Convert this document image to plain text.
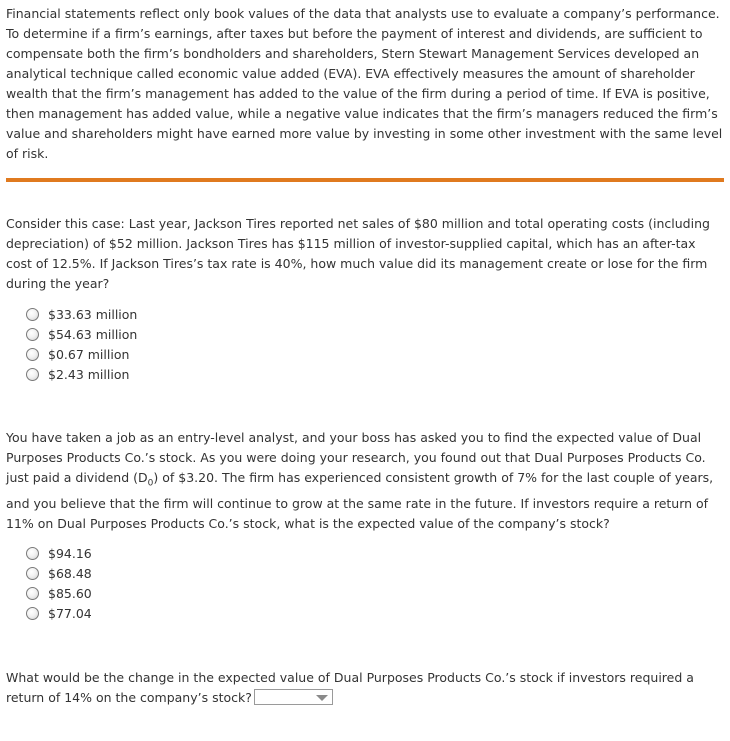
Financial statements reflect only book values of the data that analysts use to evaluate a company’s performance. To determine if a firm’s earnings, after taxes but before the payment of interest and dividends, are sufficient to compensate both the firm’s bondholders and shareholders, Stern Stewart Management Services developed an analytical technique called economic value added (EVA). EVA effectively measures the amount of shareholder wealth that the firm’s management has added to the value of the firm during a period of time. If EVA is positive, then management has added value, while a negative value indicates that the firm’s managers reduced the firm’s value and shareholders might have earned more value by investing in some other investment with the same level of risk.

Consider this case: Last year, Jackson Tires reported net sales of $80 million and total operating costs (including depreciation) of $52 million. Jackson Tires has $115 million of investor-supplied capital, which has an after-tax cost of 12.5%. If Jackson Tires’s tax rate is 40%, how much value did its management create or lose for the firm during the year?

$33.63 million
$54.63 million
$0.67 million
$2.43 million

You have taken a job as an entry-level analyst, and your boss has asked you to find the expected value of Dual Purposes Products Co.’s stock. As you were doing your research, you found out that Dual Purposes Products Co. just paid a dividend $(D_0)$ of $3.20. The firm has experienced consistent growth of 7% for the last couple of years, and you believe that the firm will continue to grow at the same rate in the future. If investors require a return of 11% on Dual Purposes Products Co.’s stock, what is the expected value of the company’s stock?

$94.16
$68.48
$85.60
$77.04

What would be the change in the expected value of Dual Purposes Products Co.’s stock if investors required a return of 14% on the company’s stock?
